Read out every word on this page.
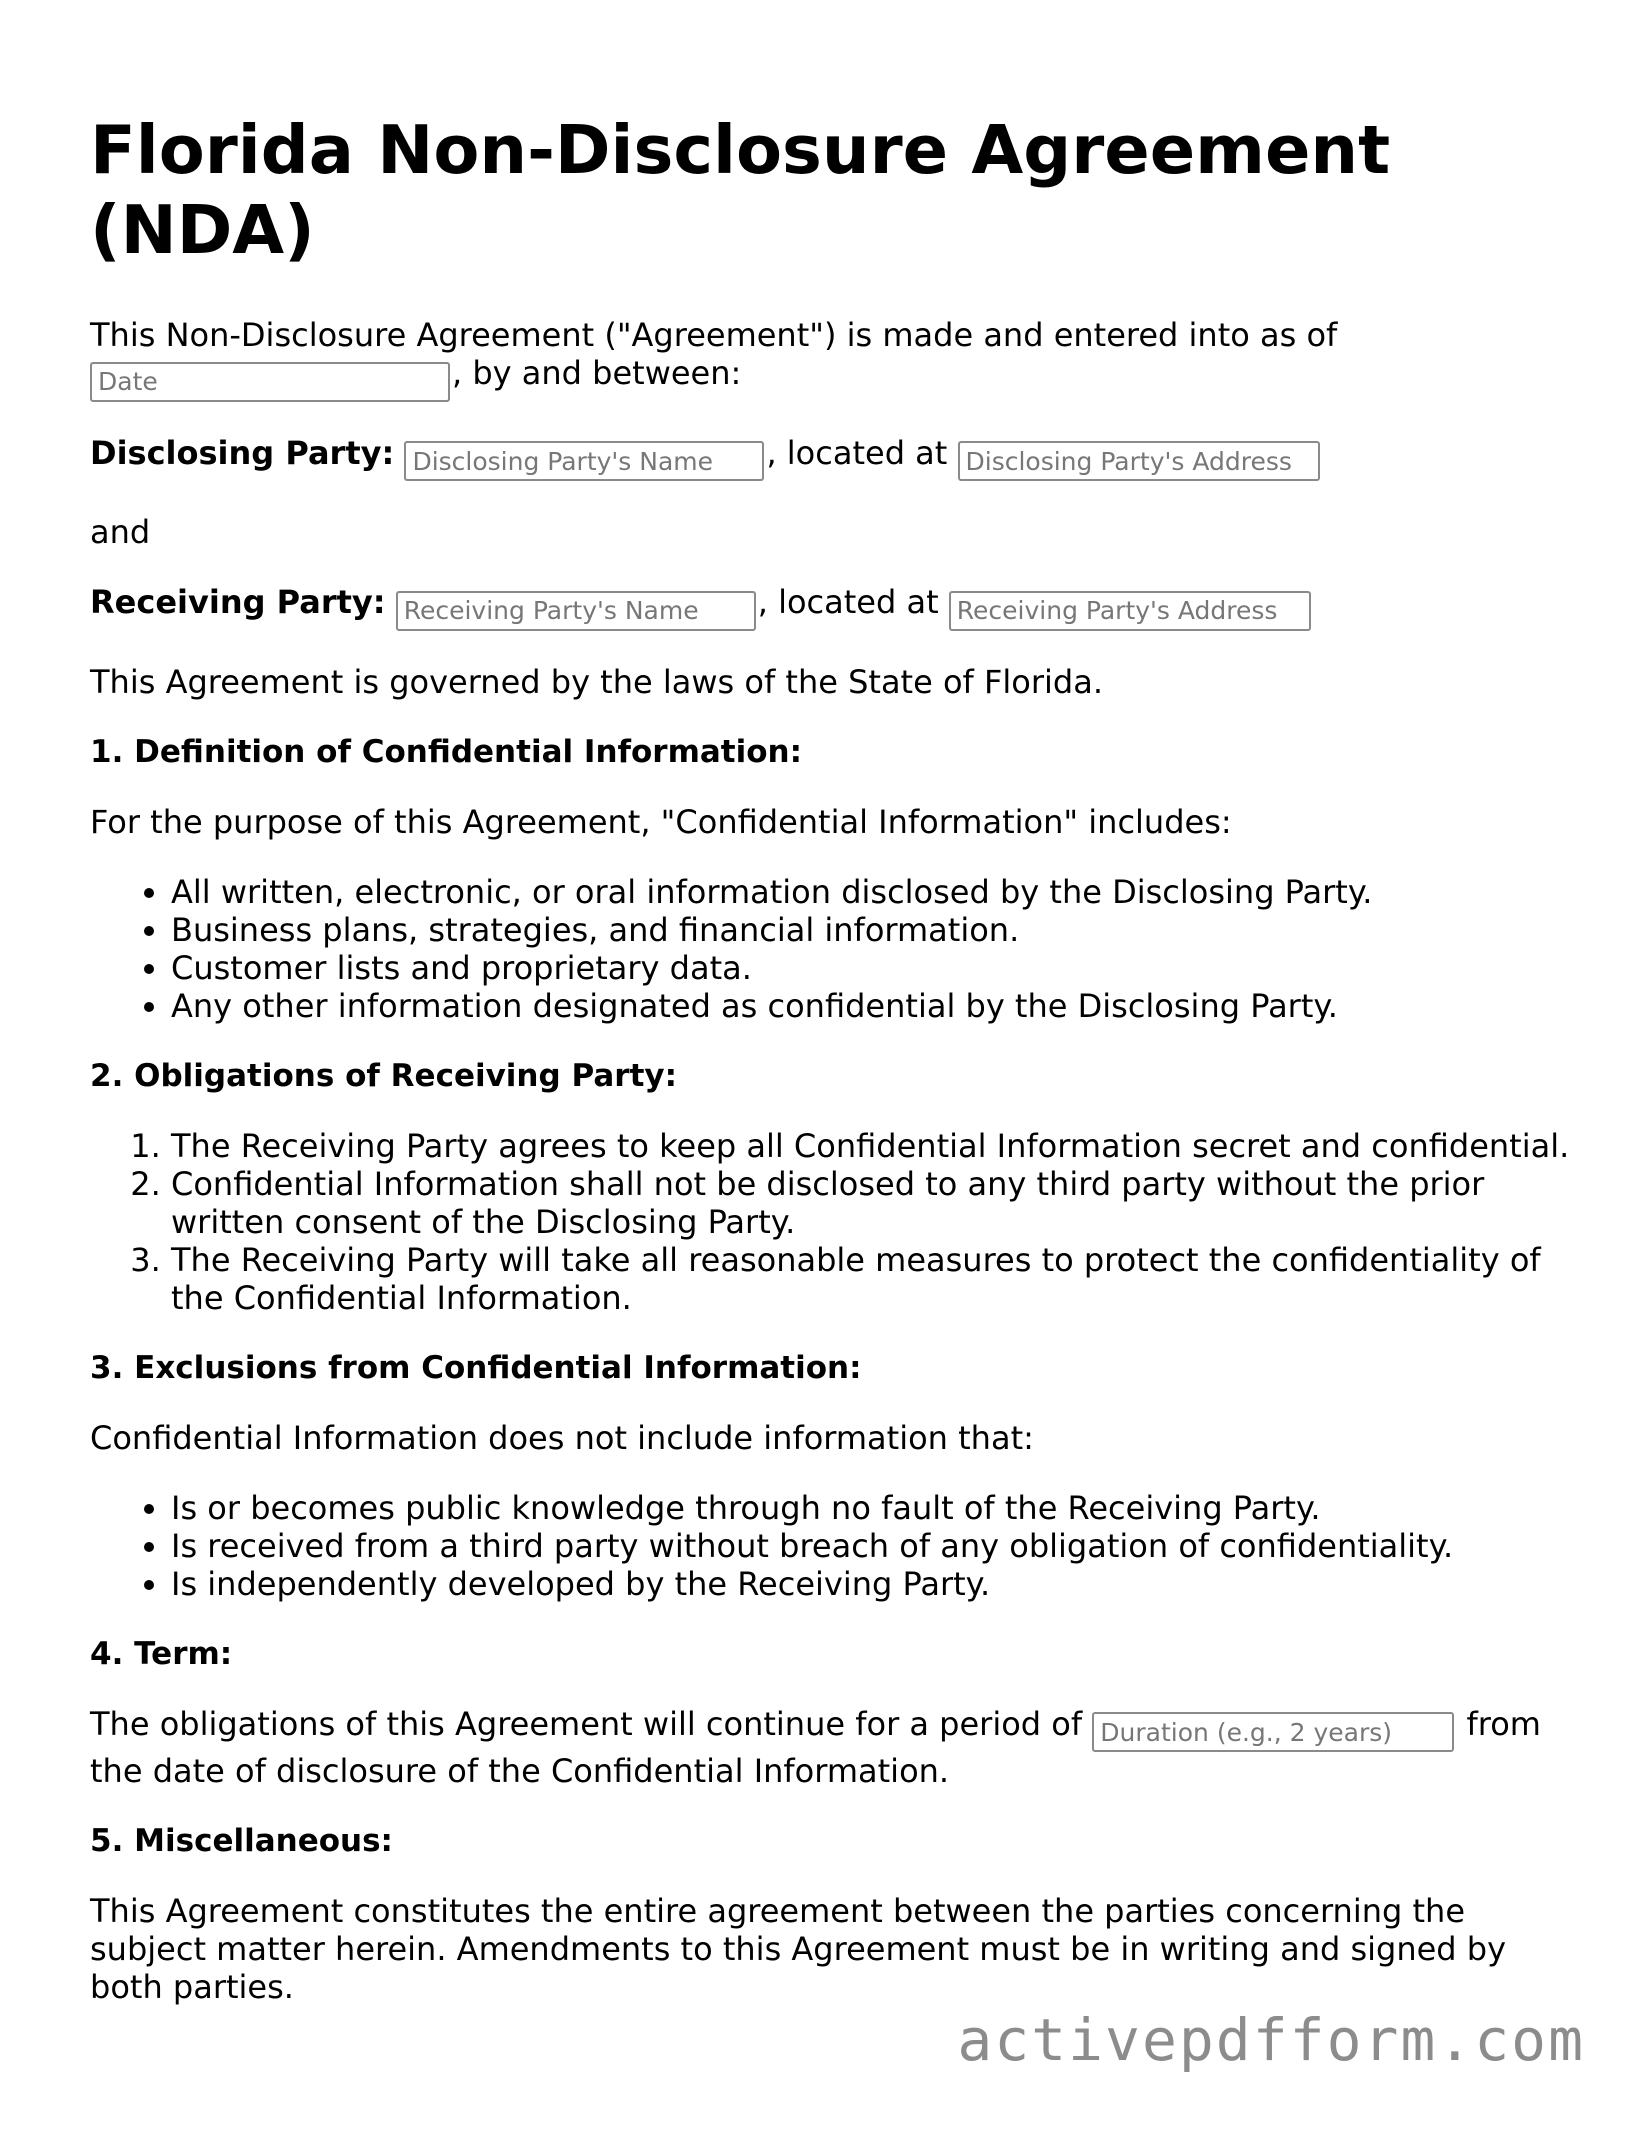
Florida Non-Disclosure Agreement (NDA)

This Non-Disclosure Agreement ("Agreement") is made and entered into as of
Date, by and between:

Disclosing Party: Disclosing Party's Name	, located at Disclosing Party's Address

and

Receiving Party: Receiving Party's Name	, located at Receiving Party's Address

This Agreement is governed by the laws of the State of Florida.

1. Definition of Confidential Information:

For the purpose of this Agreement, "Confidential Information" includes:

• All written, electronic, or oral information disclosed by the Disclosing Party.
• Business plans, strategies, and financial information.
• Customer lists and proprietary data.
• Any other information designated as confidential by the Disclosing Party.
2. Obligations of Receiving Party:
1. The Receiving Party agrees to keep all Confidential Information secret and confidential.
2. Confidential Information shall not be disclosed to any third party without the prior written consent of the Disclosing Party.
3. The Receiving Party will take all reasonable measures to protect the confidentiality of the Confidential Information.
3. Exclusions from Confidential Information:

Confidential Information does not include information that:

• Is or becomes public knowledge through no fault of the Receiving Party.
• Is received from a third party without breach of any obligation of confidentiality.
• Is independently developed by the Receiving Party.
4. Term:

The obligations of this Agreement will continue for a period of Duration (e.g., 2 years)	from the date of disclosure of the Confidential Information.

5. Miscellaneous:

This Agreement constitutes the entire agreement between the parties concerning the subject matter herein. Amendments to this Agreement must be in writing and signed by both parties.

activepdfform.com
